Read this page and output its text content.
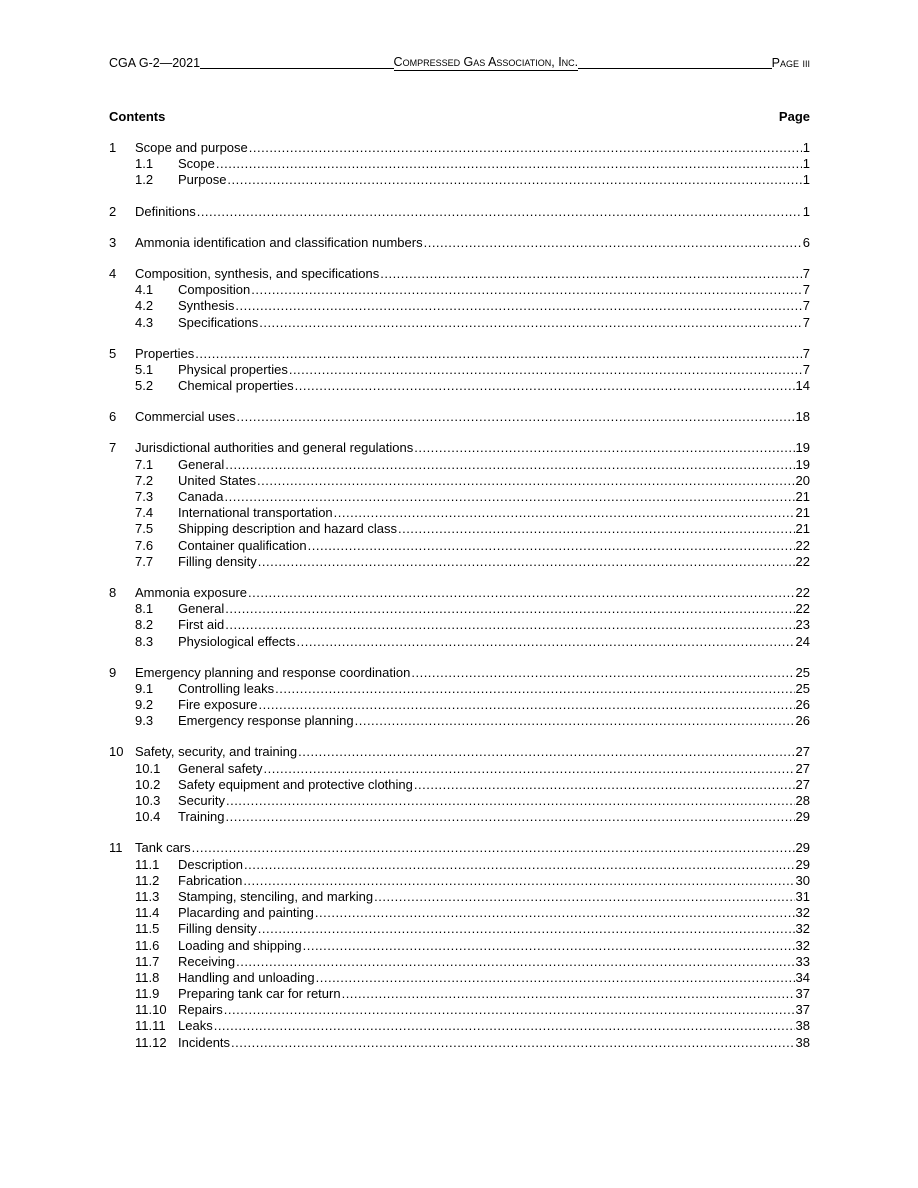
CGA G-2—2021	Compressed Gas Association, Inc.	Page iii
Contents	Page
1	Scope and purpose .....	1
1.1	Scope .....	1
1.2	Purpose .....	1
2	Definitions .....	1
3	Ammonia identification and classification numbers .....	6
4	Composition, synthesis, and specifications .....	7
4.1	Composition .....	7
4.2	Synthesis .....	7
4.3	Specifications .....	7
5	Properties .....	7
5.1	Physical properties .....	7
5.2	Chemical properties .....	14
6	Commercial uses .....	18
7	Jurisdictional authorities and general regulations .....	19
7.1	General .....	19
7.2	United States .....	20
7.3	Canada .....	21
7.4	International transportation .....	21
7.5	Shipping description and hazard class .....	21
7.6	Container qualification .....	22
7.7	Filling density .....	22
8	Ammonia exposure .....	22
8.1	General .....	22
8.2	First aid .....	23
8.3	Physiological effects .....	24
9	Emergency planning and response coordination .....	25
9.1	Controlling leaks .....	25
9.2	Fire exposure .....	26
9.3	Emergency response planning .....	26
10 Safety, security, and training .....	27
10.1	General safety .....	27
10.2	Safety equipment and protective clothing .....	27
10.3	Security .....	28
10.4	Training .....	29
11 Tank cars .....	29
11.1	Description .....	29
11.2	Fabrication .....	30
11.3	Stamping, stenciling, and marking .....	31
11.4	Placarding and painting .....	32
11.5	Filling density .....	32
11.6	Loading and shipping .....	32
11.7	Receiving .....	33
11.8	Handling and unloading .....	34
11.9	Preparing tank car for return .....	37
11.10 Repairs .....	37
11.11 Leaks .....	38
11.12 Incidents .....	38
